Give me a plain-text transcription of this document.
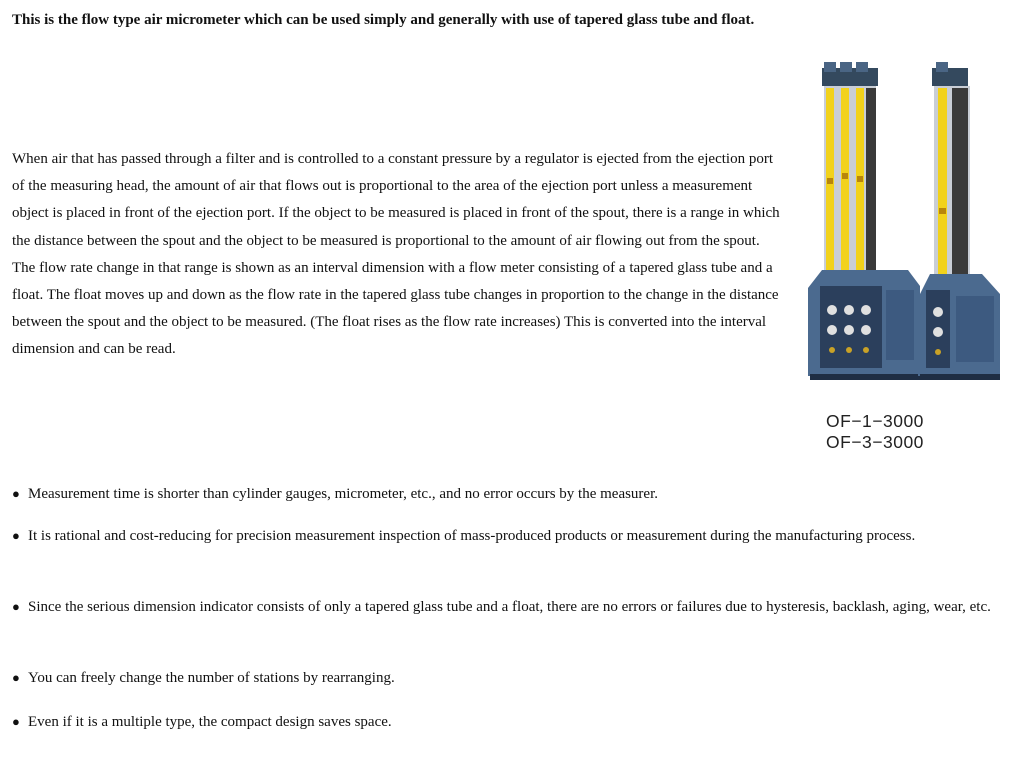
This is the flow type air micrometer which can be used simply and generally with use of tapered glass tube and float.

When air that has passed through a filter and is controlled to a constant pressure by a regulator is ejected from the ejection port of the measuring head, the amount of air that flows out is proportional to the area of the ejection port unless a measurement object is placed in front of the ejection port. If the object to be measured is placed in front of the spout, there is a range in which the distance between the spout and the object to be measured is proportional to the amount of air flowing out from the spout. The flow rate change in that range is shown as an interval dimension with a flow meter consisting of a tapered glass tube and a float. The float moves up and down as the flow rate in the tapered glass tube changes in proportion to the change in the distance between the spout and the object to be measured. (The float rises as the flow rate increases) This is converted into the interval dimension and can be read.

OF−1−3000
OF−3−3000
● Measurement time is shorter than cylinder gauges, micrometer, etc., and no error occurs by the measurer.
● It is rational and cost-reducing for precision measurement inspection of mass-produced products or measurement during the manufacturing process.
● Since the serious dimension indicator consists of only a tapered glass tube and a float, there are no errors or failures due to hysteresis, backlash, aging, wear, etc.
● You can freely change the number of stations by rearranging.
● Even if it is a multiple type, the compact design saves space.
